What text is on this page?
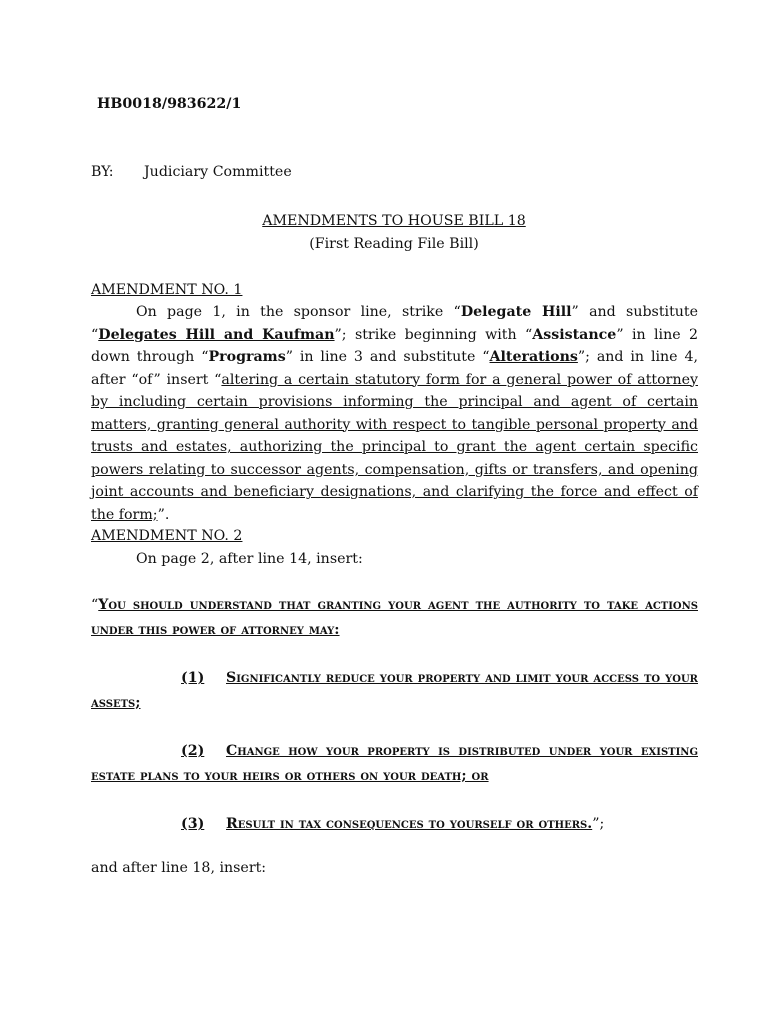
HB0018/983622/1
BY: Judiciary Committee
AMENDMENTS TO HOUSE BILL 18
(First Reading File Bill)
AMENDMENT NO. 1
On page 1, in the sponsor line, strike “Delegate Hill” and substitute “Delegates Hill and Kaufman”; strike beginning with “Assistance” in line 2 down through “Programs” in line 3 and substitute “Alterations”; and in line 4, after “of” insert “altering a certain statutory form for a general power of attorney by including certain provisions informing the principal and agent of certain matters, granting general authority with respect to tangible personal property and trusts and estates, authorizing the principal to grant the agent certain specific powers relating to successor agents, compensation, gifts or transfers, and opening joint accounts and beneficiary designations, and clarifying the force and effect of the form;”.
AMENDMENT NO. 2
On page 2, after line 14, insert:
“You should understand that granting your agent the authority to take actions under this power of attorney may:
(1) Significantly reduce your property and limit your access to your assets;
(2) Change how your property is distributed under your existing estate plans to your heirs or others on your death; or
(3) Result in tax consequences to yourself or others.”;
and after line 18, insert:
